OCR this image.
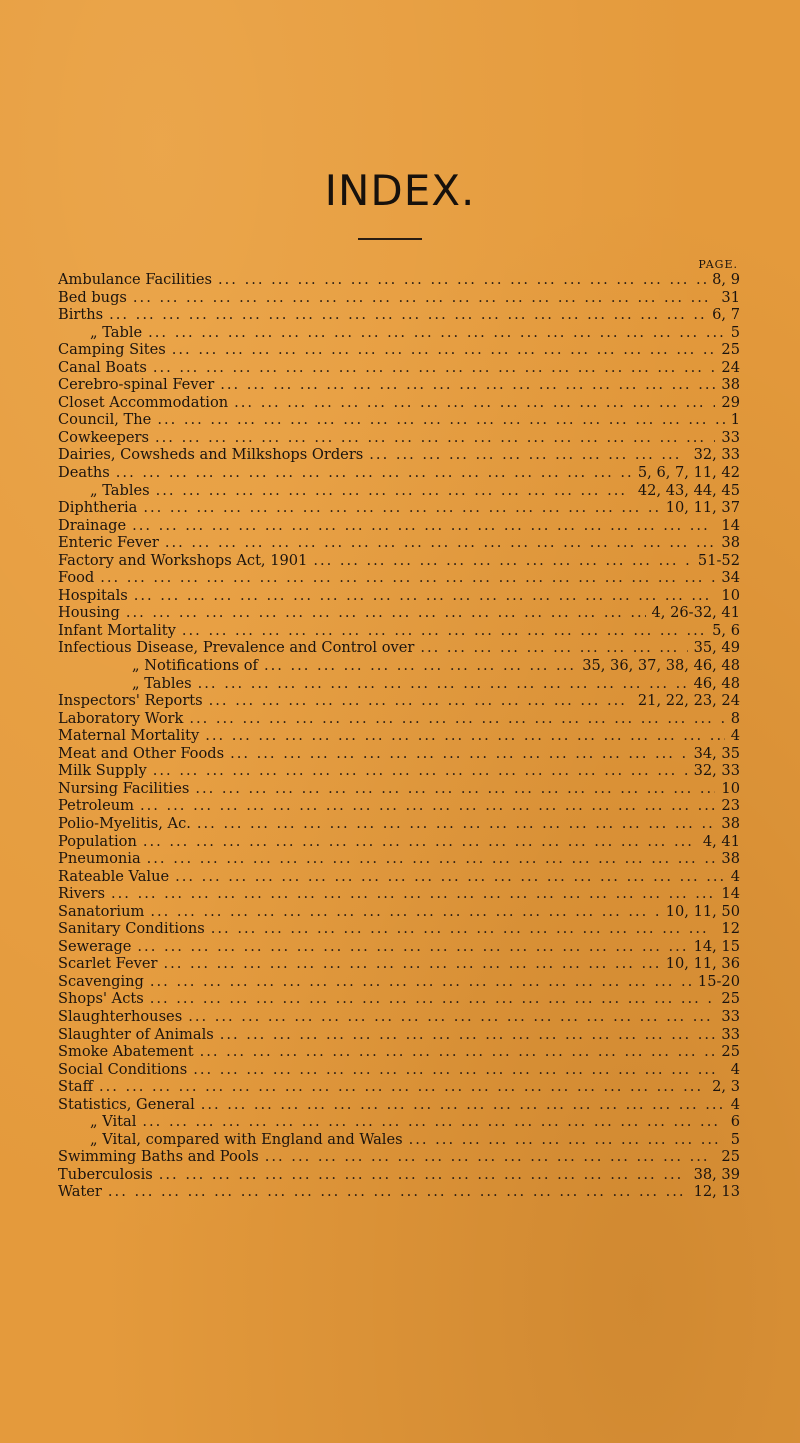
INDEX.
PAGE.
Ambulance Facilities ... .	8, 9
Bed bugs ... .	31
Births ... .	6, 7
„ Table ... .	5
Camping Sites ... .	25
Canal Boats ... .	24
Cerebro-spinal Fever ... .	38
Closet Accommodation ... .	29
Council, The ... .	1
Cowkeepers ... .	33
Dairies, Cowsheds and Milkshops Orders ... .	32, 33
Deaths ... .	5, 6, 7, 11, 42
„ Tables ... .	42, 43, 44, 45
Diphtheria ... .	10, 11, 37
Drainage ... .	14
Enteric Fever ... .	38
Factory and Workshops Act, 1901 ... .	51-52
Food ... .	34
Hospitals ... .	10
Housing ... .	4, 26-32, 41
Infant Mortality ... .	5, 6
Infectious Disease, Prevalence and Control over ... .	35, 49
„ Notifications of ... .	35, 36, 37, 38, 46, 48
„ Tables ... .	46, 48
Inspectors' Reports ... .	21, 22, 23, 24
Laboratory Work ... .	8
Maternal Mortality ... .	4
Meat and Other Foods ... .	34, 35
Milk Supply ... .	32, 33
Nursing Facilities ... .	10
Petroleum ... .	23
Polio-Myelitis, Ac. ... .	38
Population ... .	4, 41
Pneumonia ... .	38
Rateable Value ... .	4
Rivers ... .	14
Sanatorium ... .	10, 11, 50
Sanitary Conditions ... .	12
Sewerage ... .	14, 15
Scarlet Fever ... .	10, 11, 36
Scavenging ... .	15-20
Shops' Acts ... .	25
Slaughterhouses ... .	33
Slaughter of Animals ... .	33
Smoke Abatement ... .	25
Social Conditions ... .	4
Staff ... .	2, 3
Statistics, General ... .	4
„ Vital ... .	6
„ Vital, compared with England and Wales ... .	5
Swimming Baths and Pools ... .	25
Tuberculosis ... .	38, 39
Water ... .	12, 13
